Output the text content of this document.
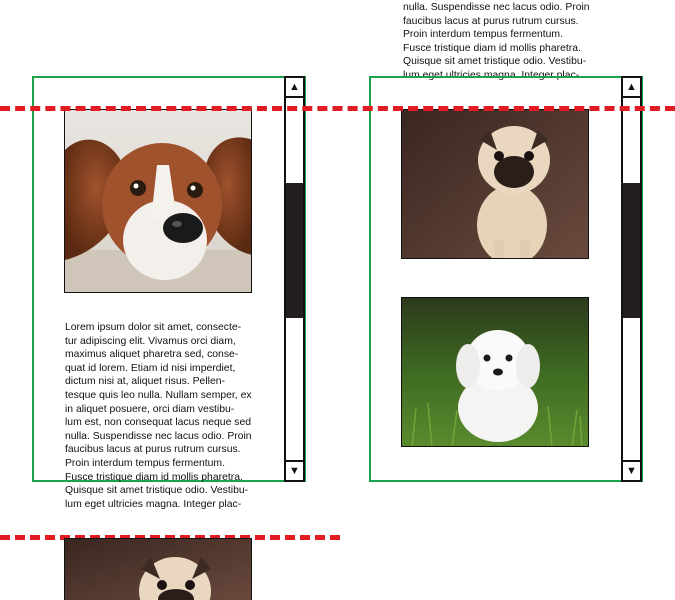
nulla. Suspendisse nec lacus odio. Proin
faucibus lacus at purus rutrum cursus.
Proin interdum tempus fermentum.
Fusce tristique diam id mollis pharetra.
Quisque sit amet tristique odio. Vestibu-
lum eget ultricies magna. Integer plac-
Lorem ipsum dolor sit amet, consecte-
tur adipiscing elit. Vivamus orci diam,
maximus aliquet pharetra sed, conse-
quat id lorem. Etiam id nisi imperdiet,
dictum nisi at, aliquet risus. Pellen-
tesque quis leo nulla. Nullam semper, ex
in aliquet posuere, orci diam vestibu-
lum est, non consequat lacus neque sed
nulla. Suspendisse nec lacus odio. Proin
faucibus lacus at purus rutrum cursus.
Proin interdum tempus fermentum.
Fusce tristique diam id mollis pharetra.
Quisque sit amet tristique odio. Vestibu-
lum eget ultricies magna. Integer plac-
▲
▼
▲
▼
